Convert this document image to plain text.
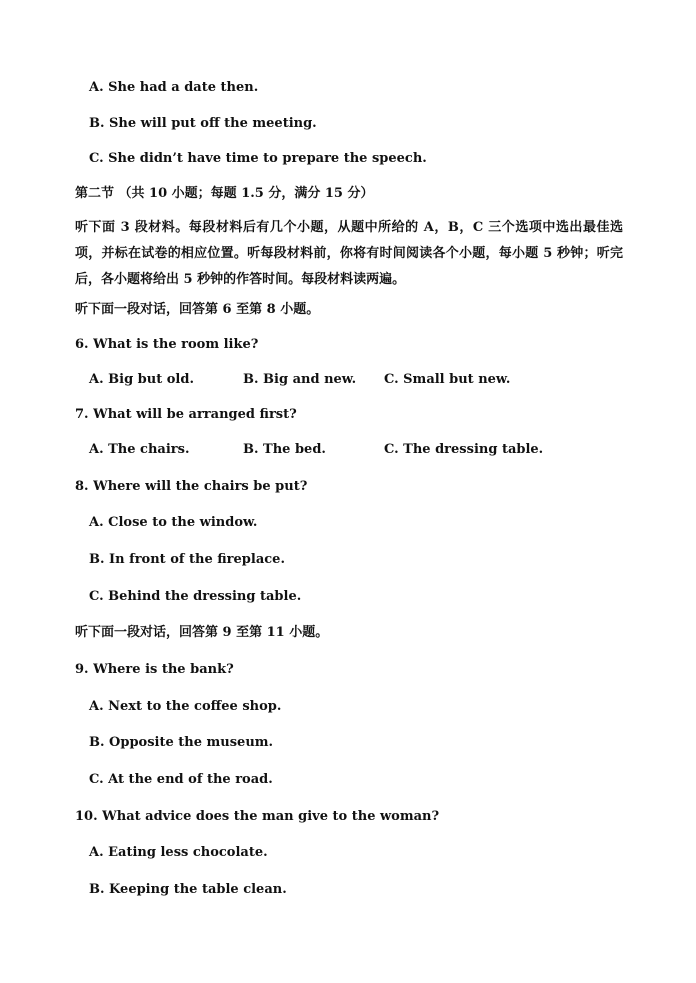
A. She had a date then.
B. She will put off the meeting.
C. She didn’t have time to prepare the speech.
第二节 （共 10 小题；每题 1.5 分，满分 15 分）
听下面 3 段材料。每段材料后有几个小题，从题中所给的 A，B，C 三个选项中选出最佳选项，并标在试卷的相应位置。听每段材料前，你将有时间阅读各个小题，每小题 5 秒钟；听完后，各小题将给出 5 秒钟的作答时间。每段材料读两遍。
听下面一段对话，回答第 6 至第 8 小题。
6. What is the room like?
A. Big but old.	B. Big and new. C. Small but new.
7. What will be arranged first?
A. The chairs.	B. The bed.	C. The dressing table.
8. Where will the chairs be put?
A. Close to the window.
B. In front of the fireplace.
C. Behind the dressing table.
听下面一段对话，回答第 9 至第 11 小题。
9. Where is the bank?
A. Next to the coffee shop.
B. Opposite the museum.
C. At the end of the road.
10. What advice does the man give to the woman?
A. Eating less chocolate.
B. Keeping the table clean.
